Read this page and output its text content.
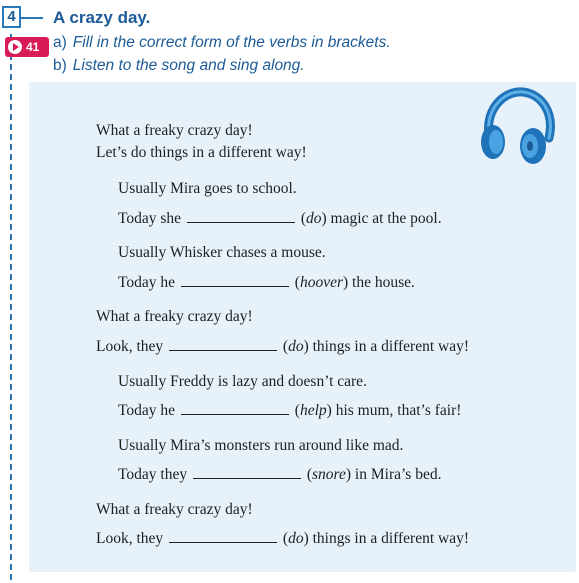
4	A crazy day.
41 a) Fill in the correct form of the verbs in brackets.
b) Listen to the song and sing along.
What a freaky crazy day!
Let’s do things in a different way!
Usually Mira goes to school.
Today she	(do) magic at the pool.
Usually Whisker chases a mouse.
Today he	(hoover) the house.
What a freaky crazy day!
Look, they	(do) things in a different way!
Usually Freddy is lazy and doesn’t care.
Today he	(help) his mum, that’s fair!
Usually Mira’s monsters run around like mad.
Today they	(snore) in Mira’s bed.
What a freaky crazy day!
Look, they	(do) things in a different way!
